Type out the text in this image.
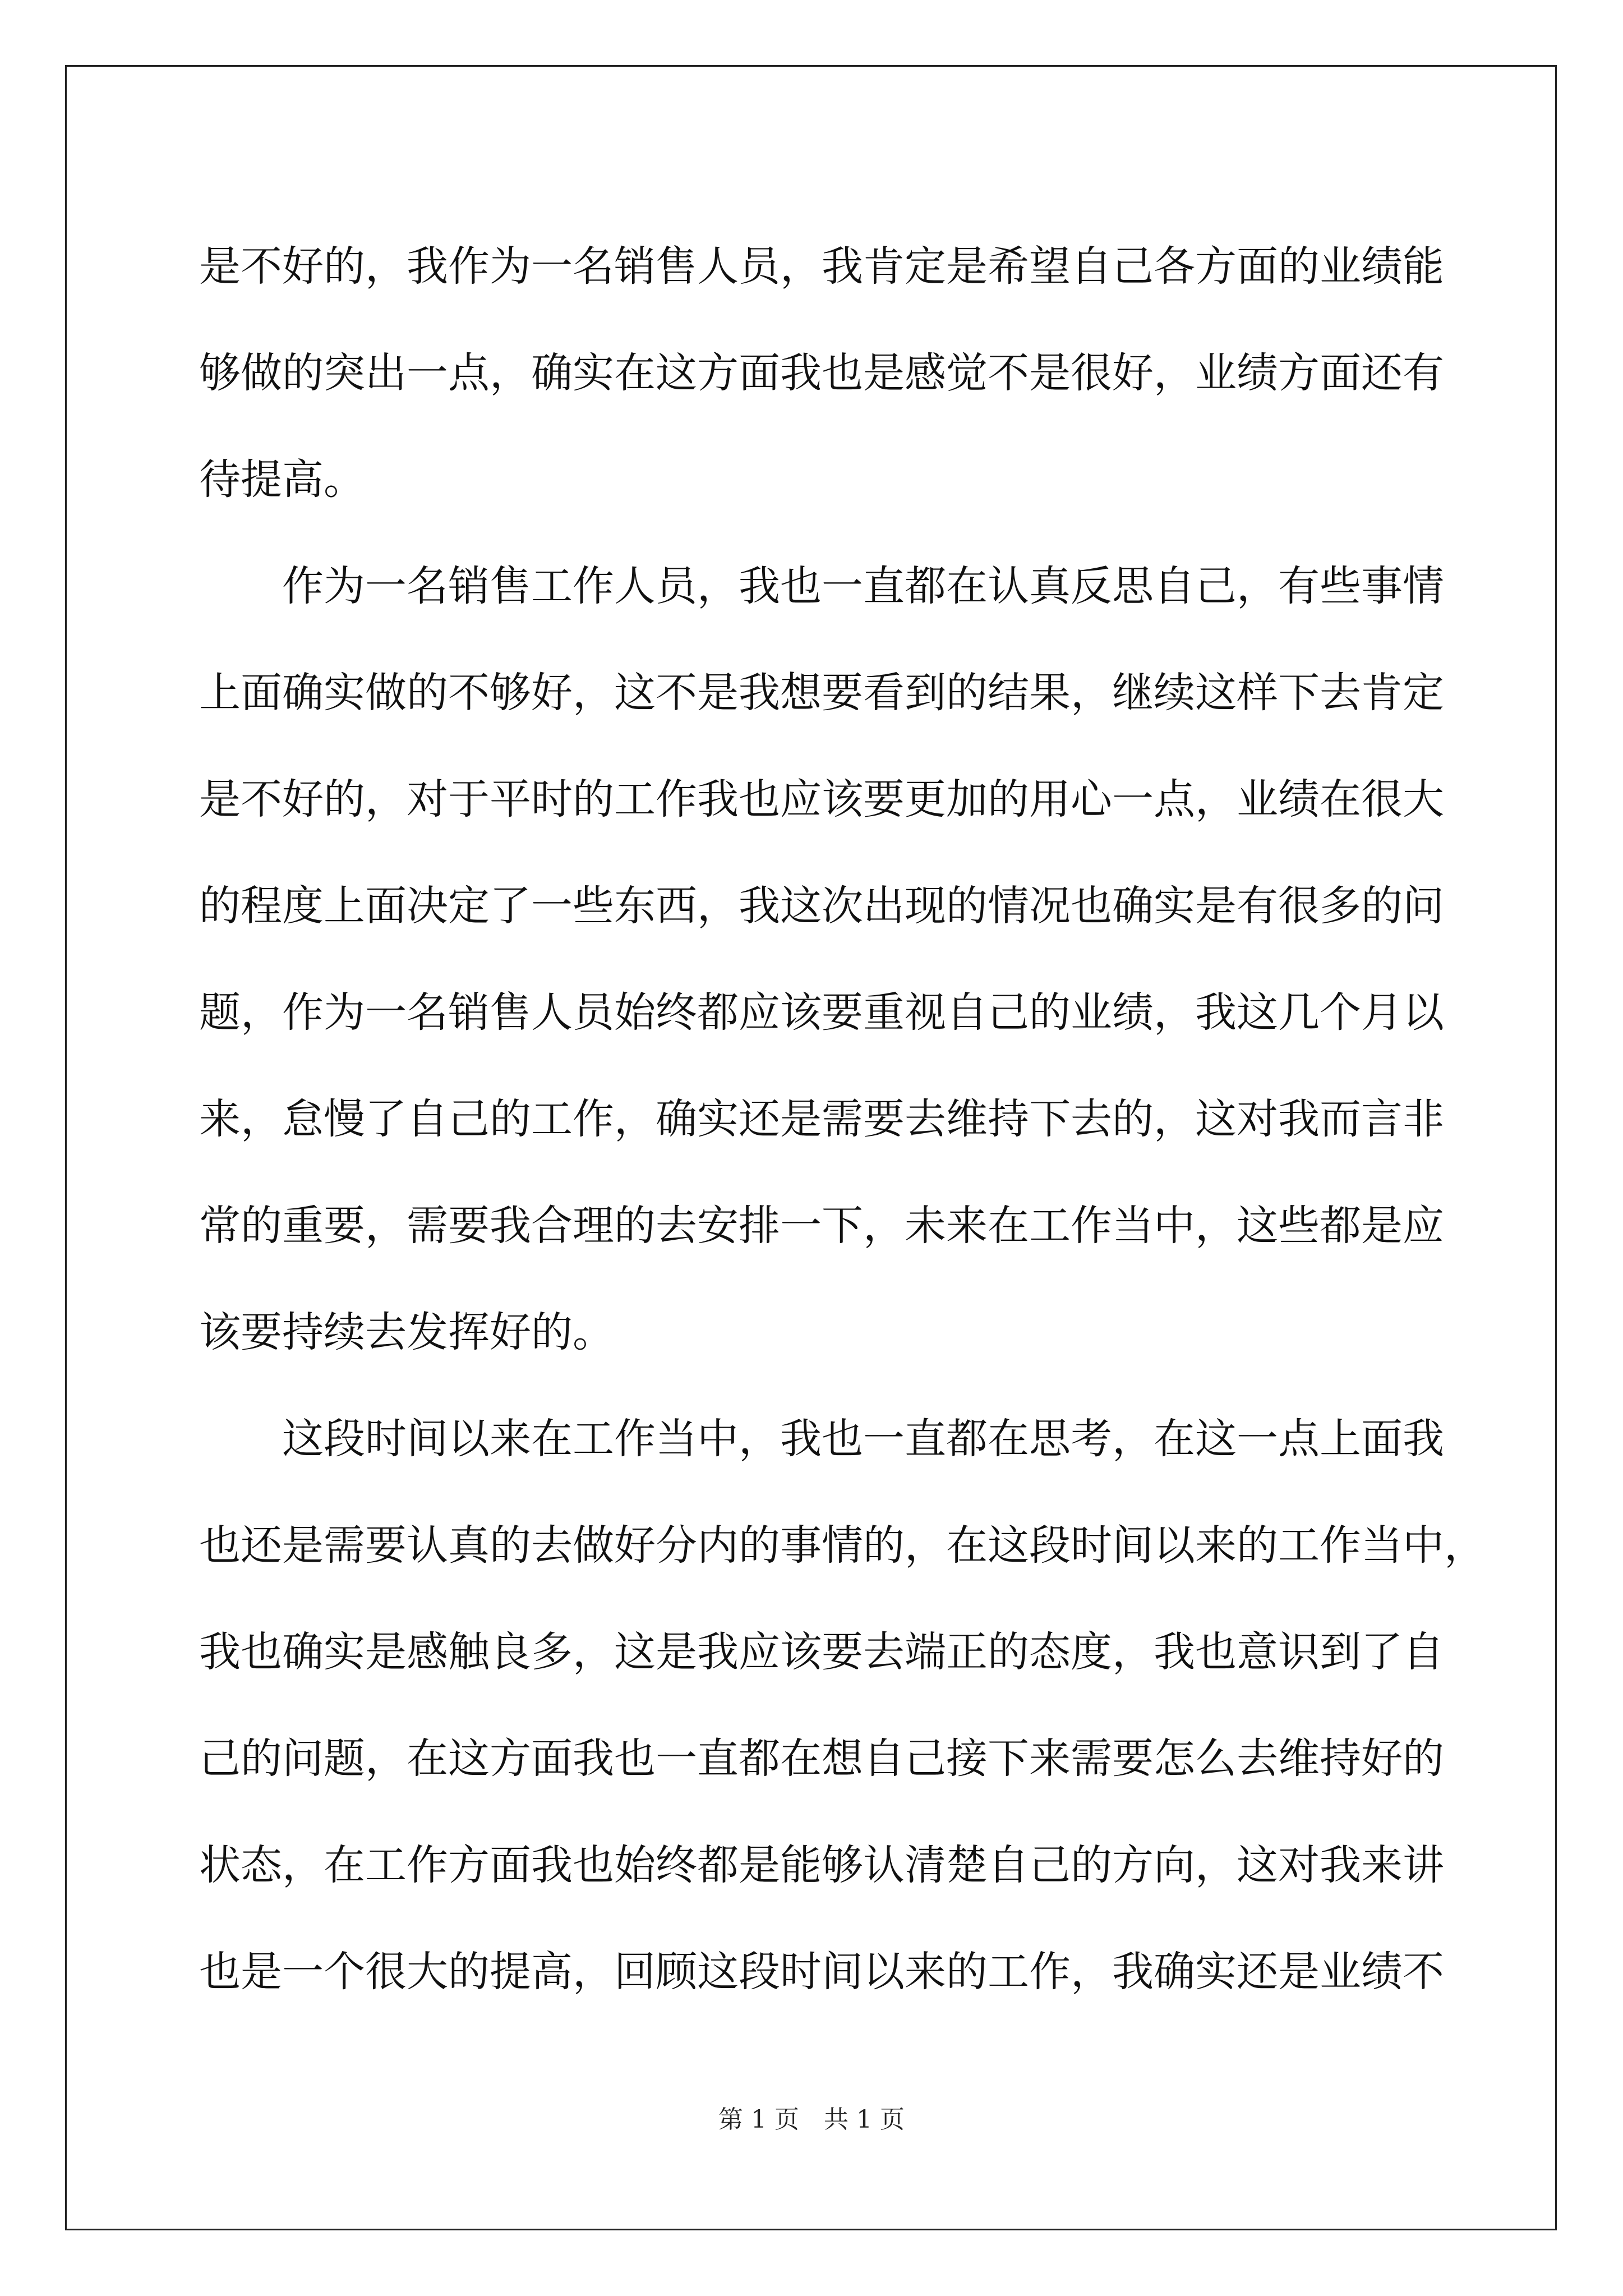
是不好的，我作为一名销售人员，我肯定是希望自己各方面的业绩能
够做的突出一点，确实在这方面我也是感觉不是很好，业绩方面还有
待提高。
　　作为一名销售工作人员，我也一直都在认真反思自己，有些事情
上面确实做的不够好，这不是我想要看到的结果，继续这样下去肯定
是不好的，对于平时的工作我也应该要更加的用心一点，业绩在很大
的程度上面决定了一些东西，我这次出现的情况也确实是有很多的问
题，作为一名销售人员始终都应该要重视自己的业绩，我这几个月以
来，怠慢了自己的工作，确实还是需要去维持下去的，这对我而言非
常的重要，需要我合理的去安排一下，未来在工作当中，这些都是应
该要持续去发挥好的。
　　这段时间以来在工作当中，我也一直都在思考，在这一点上面我
也还是需要认真的去做好分内的事情的，在这段时间以来的工作当中，
我也确实是感触良多，这是我应该要去端正的态度，我也意识到了自
己的问题，在这方面我也一直都在想自己接下来需要怎么去维持好的
状态，在工作方面我也始终都是能够认清楚自己的方向，这对我来讲
也是一个很大的提高，回顾这段时间以来的工作，我确实还是业绩不
第 1 页　共 1 页
